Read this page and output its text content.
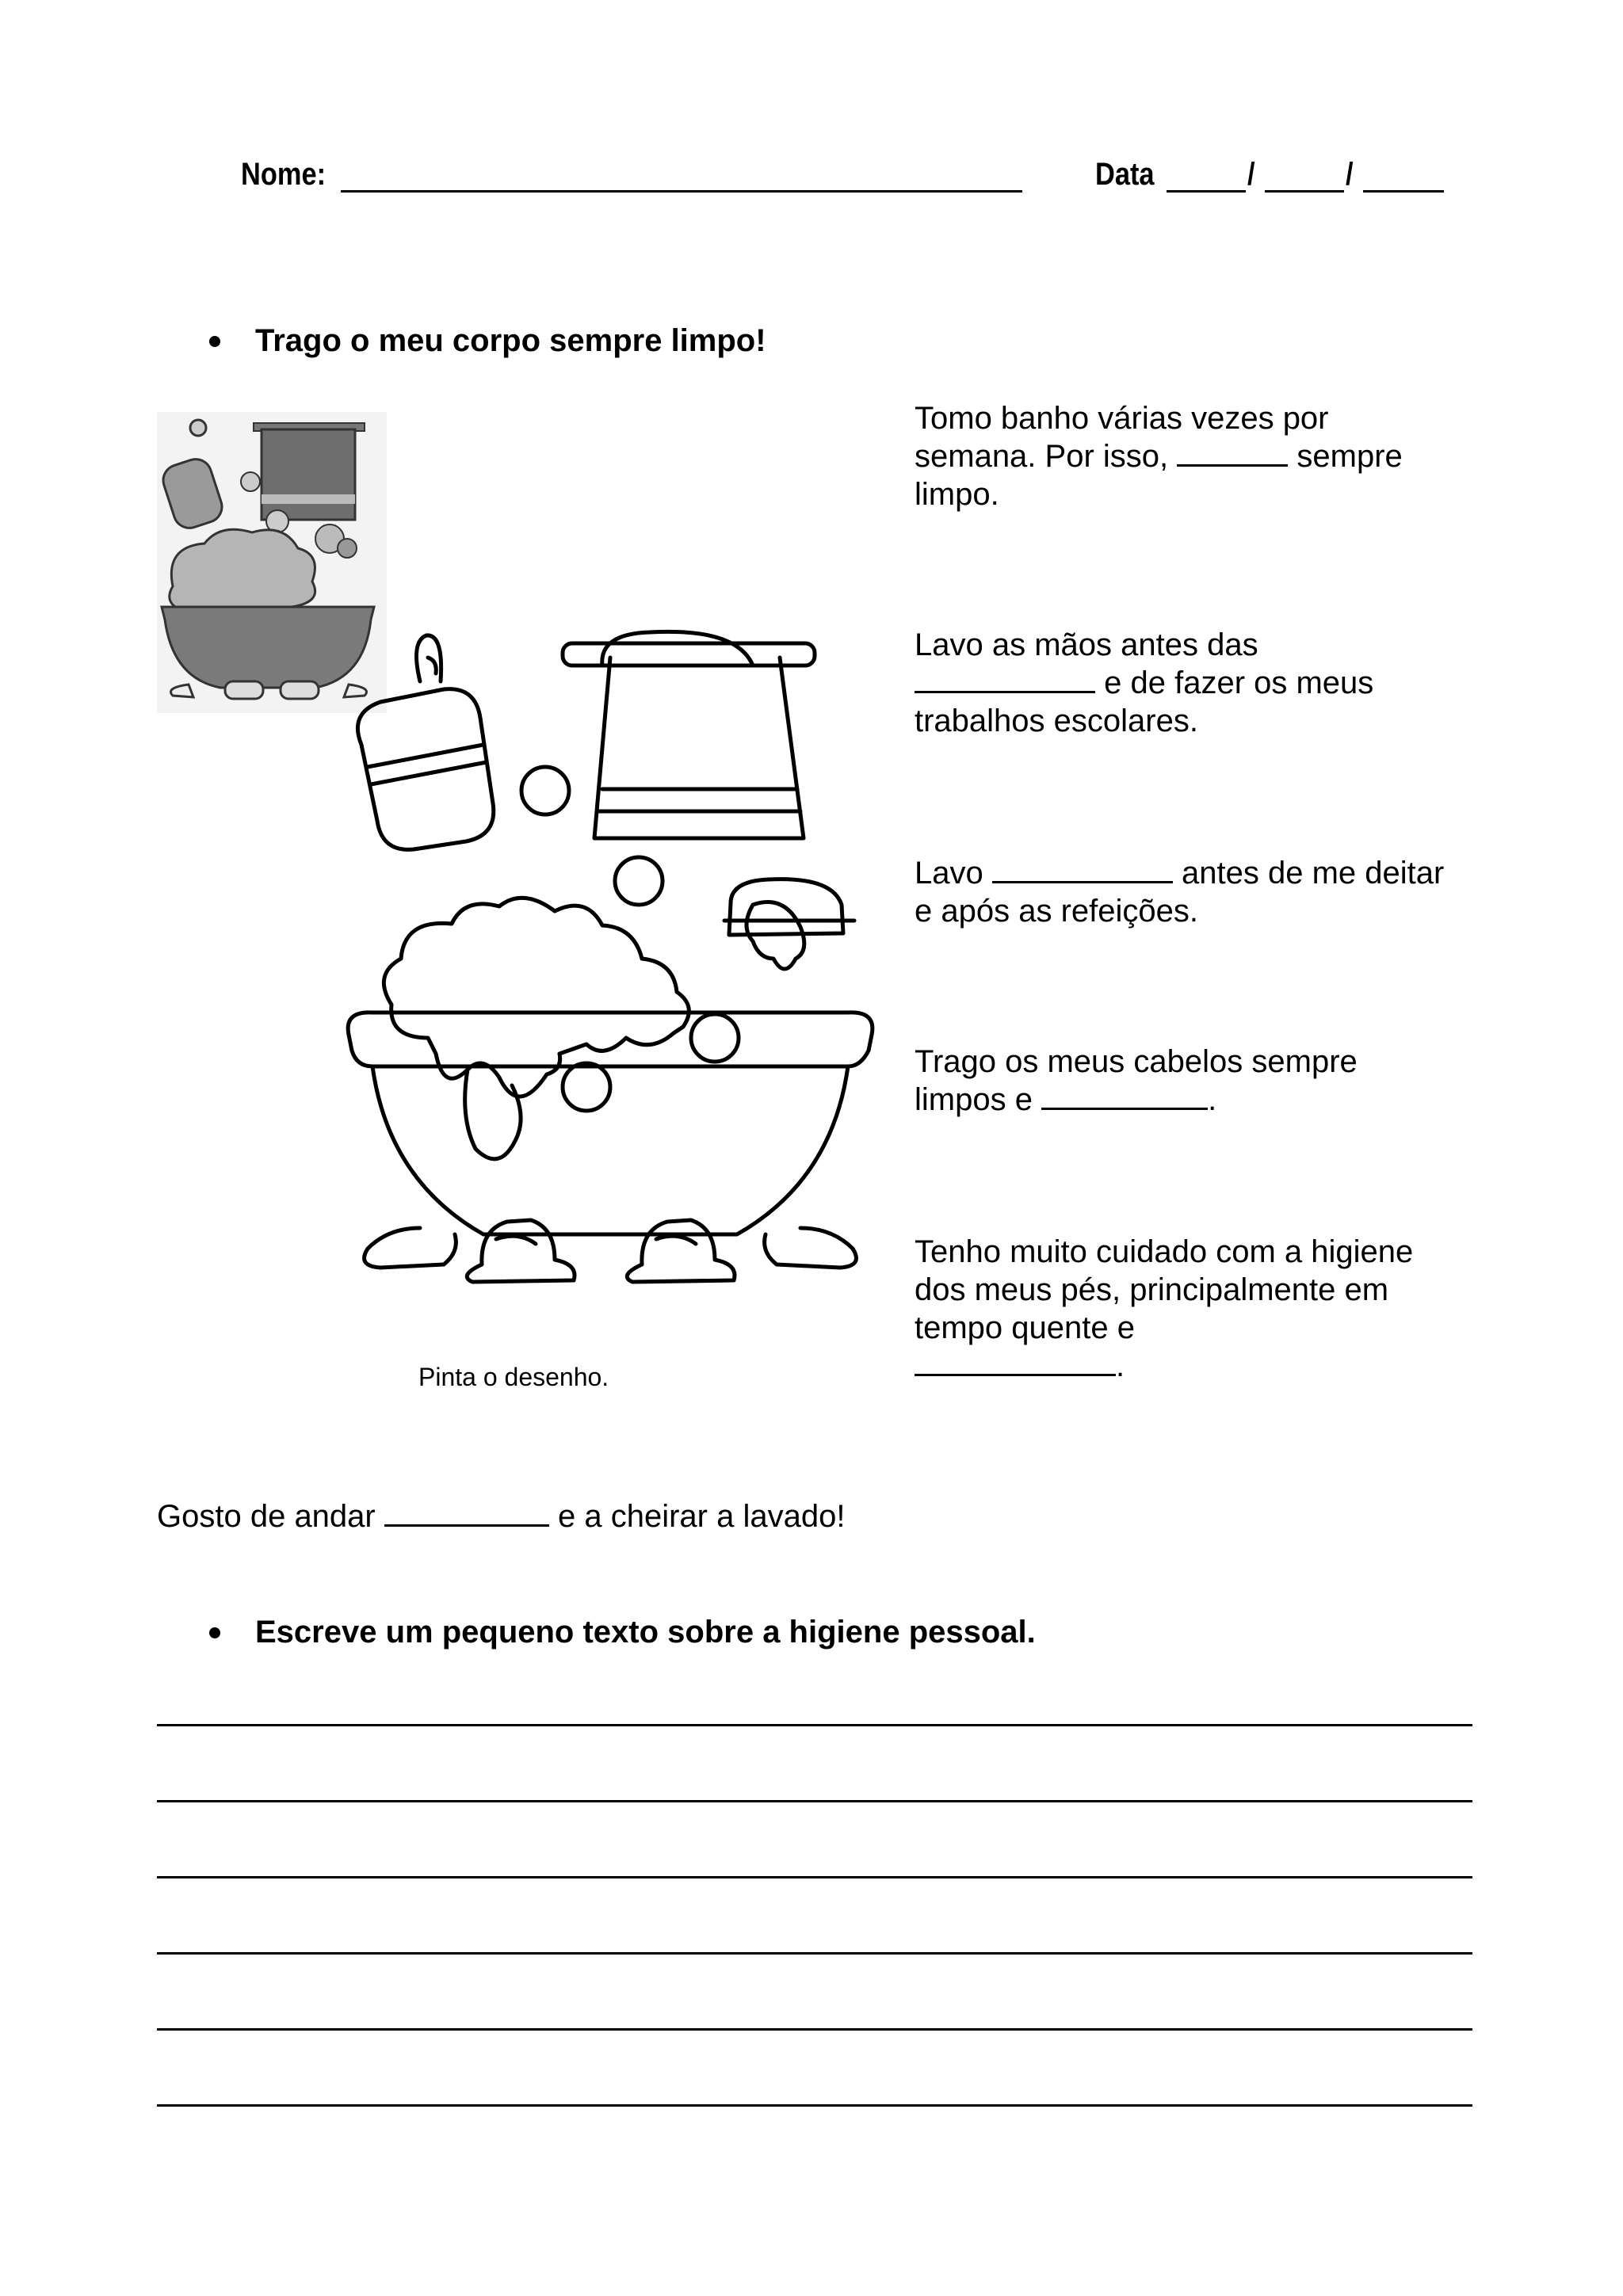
Nome:	Data	/	/
Trago o meu corpo sempre limpo!
Pinta o desenho.

Tomo banho várias vezes por semana. Por isso,	sempre limpo.

Lavo as mãos antes das
e de fazer os meus trabalhos escolares.

Lavo	antes de me deitar e após as refeições.

Trago os meus cabelos sempre limpos e	.

Tenho muito cuidado com a higiene dos meus pés, principalmente em tempo quente e
.

Gosto de andar	e a cheirar a lavado!

Escreve um pequeno texto sobre a higiene pessoal.
